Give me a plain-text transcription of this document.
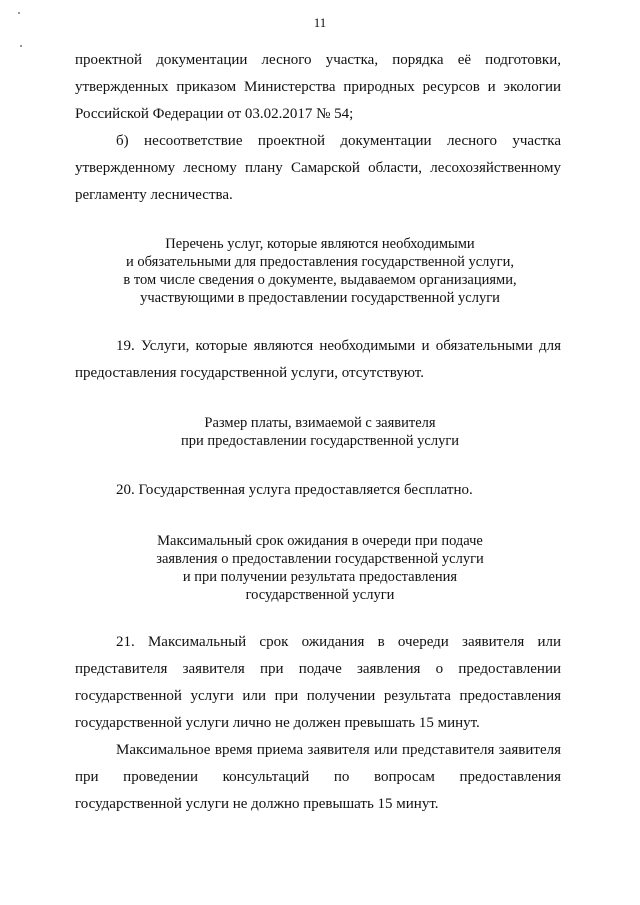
11
проектной документации лесного участка, порядка её подготовки,
утвержденных приказом Министерства природных ресурсов и экологии
Российской Федерации от 03.02.2017 № 54;
б) несоответствие проектной документации лесного участка
утвержденному лесному плану Самарской области, лесохозяйственному
регламенту лесничества.
Перечень услуг, которые являются необходимыми
и обязательными для предоставления государственной услуги,
в том числе сведения о документе, выдаваемом организациями,
участвующими в предоставлении государственной услуги
19. Услуги, которые являются необходимыми и обязательными для
предоставления государственной услуги, отсутствуют.
Размер платы, взимаемой с заявителя
при предоставлении государственной услуги
20. Государственная услуга предоставляется бесплатно.
Максимальный срок ожидания в очереди при подаче
заявления о предоставлении государственной услуги
и при получении результата предоставления
государственной услуги
21. Максимальный срок ожидания в очереди заявителя или
представителя заявителя при подаче заявления о предоставлении
государственной услуги или при получении результата предоставления
государственной услуги лично не должен превышать 15 минут.
Максимальное время приема заявителя или представителя заявителя
при проведении консультаций по вопросам предоставления
государственной услуги не должно превышать 15 минут.
